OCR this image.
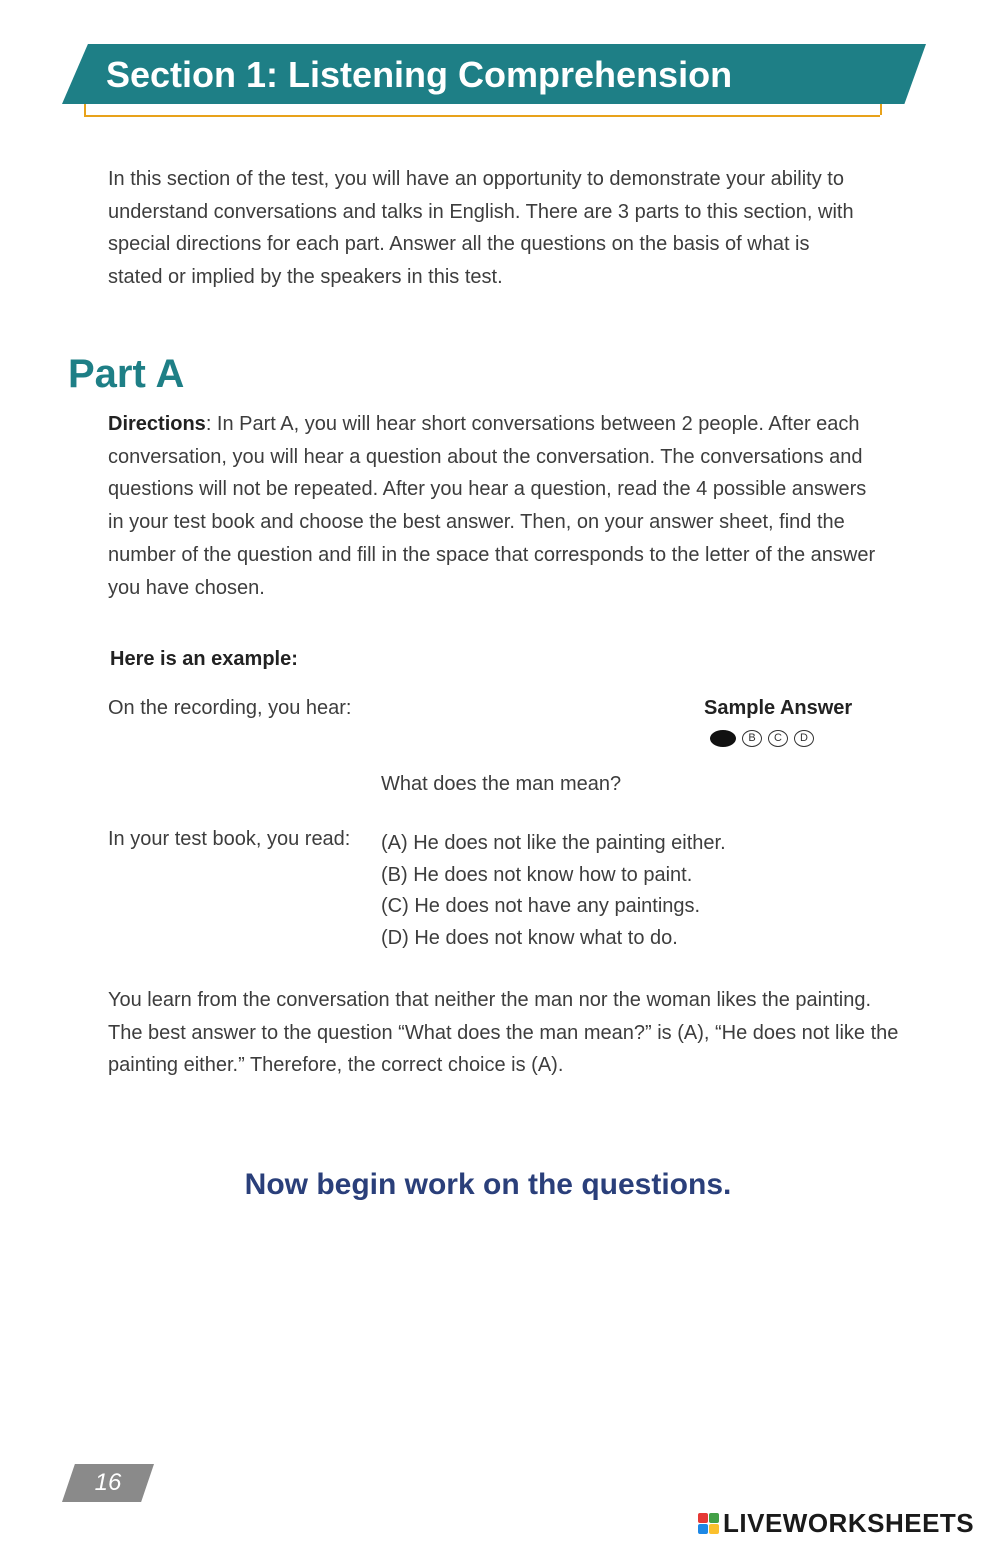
Section 1: Listening Comprehension
In this section of the test, you will have an opportunity to demonstrate your ability to
understand conversations and talks in English. There are 3 parts to this section, with
special directions for each part. Answer all the questions on the basis of what is
stated or implied by the speakers in this test.
Part A
Directions: In Part A, you will hear short conversations between 2 people. After each
conversation, you will hear a question about the conversation. The conversations and
questions will not be repeated. After you hear a question, read the 4 possible answers
in your test book and choose the best answer. Then, on your answer sheet, find the
number of the question and fill in the space that corresponds to the letter of the answer
you have chosen.
Here is an example:
On the recording, you hear:	Sample Answer
B	C	D
What does the man mean?
In your test book, you read: (A) He does not like the painting either.
(B) He does not know how to paint.
(C) He does not have any paintings.
(D) He does not know what to do.
You learn from the conversation that neither the man nor the woman likes the painting.
The best answer to the question “What does the man mean?” is (A), “He does not like the
painting either.” Therefore, the correct choice is (A).
Now begin work on the questions.
16
LIVEWORKSHEETS
